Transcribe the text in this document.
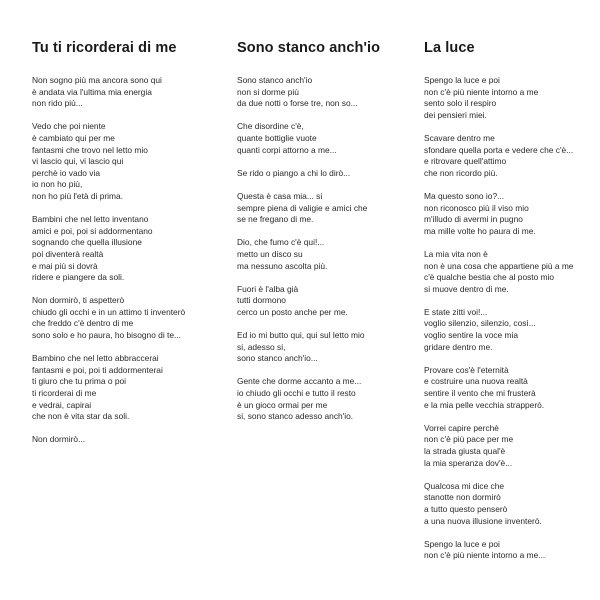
Tu ti ricorderai di me
Non sogno più ma ancora sono qui
è andata via l'ultima mia energia
non rido più...
Vedo che poi niente
è cambiato qui per me
fantasmi che trovo nel letto mio
vi lascio qui, vi lascio qui
perchè io vado via
io non ho più,
non ho più l'età di prima.
Bambini che nel letto inventano
amici e poi, poi si addormentano
sognando che quella illusione
poi diventerà realtà
e mai più si dovrà
ridere e piangere da soli.
Non dormirò, ti aspetterò
chiudo gli occhi e in un attimo ti inventerò
che freddo c'è dentro di me
sono solo e ho paura, ho bisogno di te...
Bambino che nel letto abbraccerai
fantasmi e poi, poi ti addormenterai
ti giuro che tu prima o poi
ti ricorderai di me
e vedrai, capirai
che non è vita star da soli.
Non dormirò...
Sono stanco anch'io
Sono stanco anch'io
non si dorme più
da due notti o forse tre, non so...
Che disordine c'è,
quante bottiglie vuote
quanti corpi attorno a me...
Se rido o piango a chi lo dirò...
Questa è casa mia... si
sempre piena di valigie e amici che
se ne fregano di me.
Dio, che fumo c'è qui!...
metto un disco su
ma nessuno ascolta più.
Fuori è l'alba già
tutti dormono
cerco un posto anche per me.
Ed io mi butto qui, qui sul letto mio
si, adesso si,
sono stanco anch'io...
Gente che dorme accanto a me...
io chiudo gli occhi e tutto il resto
è un gioco ormai per me
si, sono stanco adesso anch'io.
La luce
Spengo la luce e poi
non c'è più niente intorno a me
sento solo il respiro
dei pensieri miei.
Scavare dentro me
sfondare quella porta e vedere che c'è...
e ritrovare quell'attimo
che non ricordo più.
Ma questo sono io?...
non riconosco più il viso mio
m'illudo di avermi in pugno
ma mille volte ho paura di me.
La mia vita non è
non è una cosa che appartiene più a me
c'è qualche bestia che al posto mio
si muove dentro di me.
E state zitti voi!...
voglio silenzio, silenzio, così...
voglio sentire la voce mia
gridare dentro me.
Provare cos'è l'eternità
e costruire una nuova realtà
sentire il vento che mi frusterà
e la mia pelle vecchia strapperò.
Vorrei capire perchè
non c'è più pace per me
la strada giusta qual'è
la mia speranza dov'è...
Qualcosa mi dice che
stanotte non dormirò
a tutto questo penserò
a una nuova illusione inventerò.
Spengo la luce e poi
non c'è più niente intorno a me...
